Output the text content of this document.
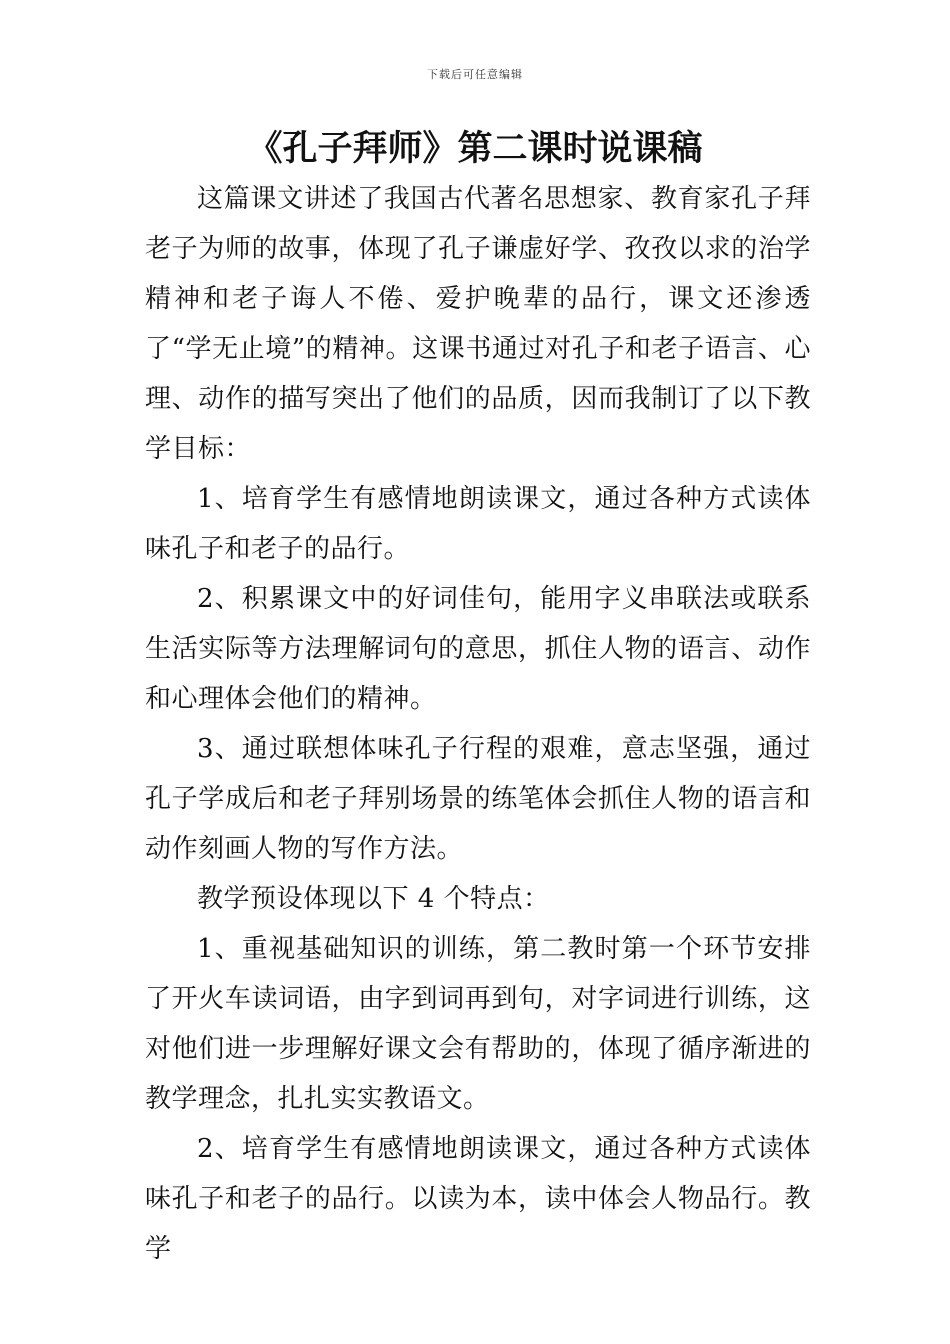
下载后可任意编辑
《孔子拜师》第二课时说课稿

这篇课文讲述了我国古代著名思想家、教育家孔子拜老子为师的故事，体现了孔子谦虚好学、孜孜以求的治学精神和老子诲人不倦、爱护晚辈的品行，课文还渗透了“学无止境”的精神。这课书通过对孔子和老子语言、心理、动作的描写突出了他们的品质，因而我制订了以下教学目标：

1、培育学生有感情地朗读课文，通过各种方式读体味孔子和老子的品行。

2、积累课文中的好词佳句，能用字义串联法或联系生活实际等方法理解词句的意思，抓住人物的语言、动作和心理体会他们的精神。

3、通过联想体味孔子行程的艰难，意志坚强，通过孔子学成后和老子拜别场景的练笔体会抓住人物的语言和动作刻画人物的写作方法。

教学预设体现以下 4 个特点：

1、重视基础知识的训练，第二教时第一个环节安排了开火车读词语，由字到词再到句，对字词进行训练，这对他们进一步理解好课文会有帮助的，体现了循序渐进的教学理念，扎扎实实教语文。

2、培育学生有感情地朗读课文，通过各种方式读体味孔子和老子的品行。以读为本，读中体会人物品行。教学
